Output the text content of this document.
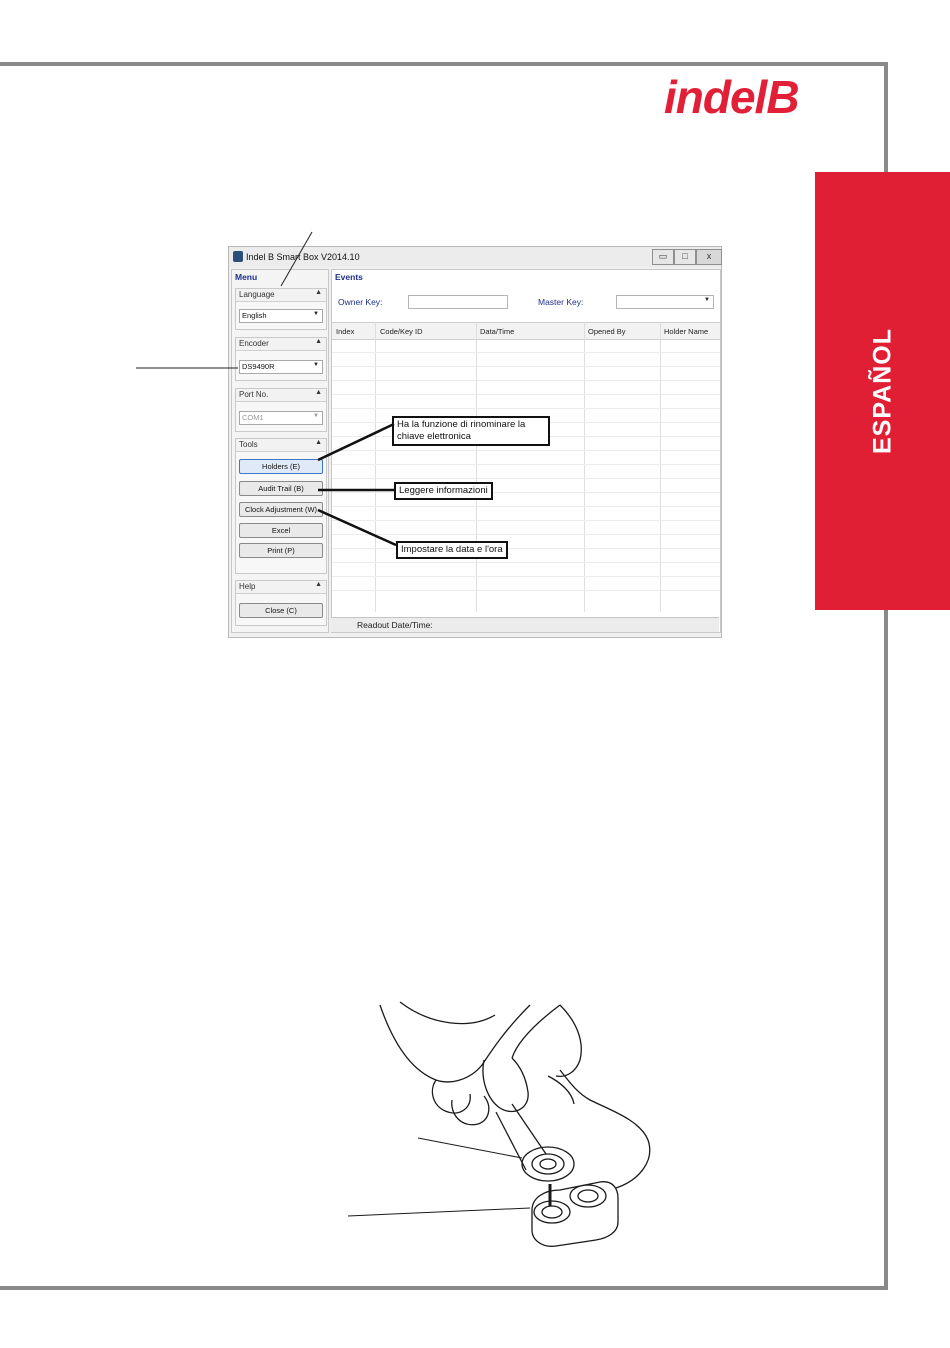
indelB
ESPAÑOL
Indel B Smart Box V2014.10	▭	□	x
Menu
Language	▲
English	▼
Encoder	▲
DS9490R	▼
Port No.	▲
COM1	▼
Tools	▲
Holders (E)
Audit Trail (B)
Clock Adjustment (W)
Excel
Print (P)
Help	▲
Close (C)
Events
Owner Key:	Master Key:	▼
Index	Code/Key ID	Data/Time	Opened By	Holder Name
Readout Date/Time:
Ha la funzione di rinominare la chiave elettronica
Leggere informazioni
Impostare la data e l'ora
